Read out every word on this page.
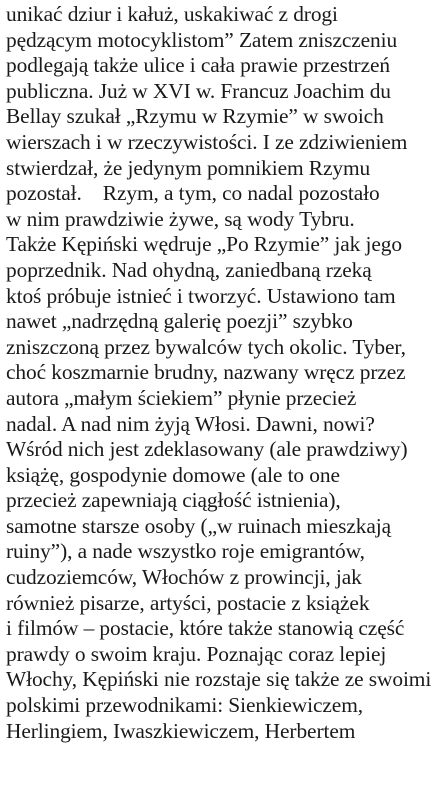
unikać dziur i kałuż, uskakiwać z drogi
pędzącym motocyklistom” Zatem zniszczeniu
podlegają także ulice i cała prawie przestrzeń
publiczna. Już w XVI w. Francuz Joachim du
Bellay szukał „Rzymu w Rzymie” w swoich
wierszach i w rzeczywistości. I ze zdziwieniem
stwierdzał, że jedynym pomnikiem Rzymu
pozostał.    Rzym, a tym, co nadal pozostało
w nim prawdziwie żywe, są wody Tybru.
Także Kępiński wędruje „Po Rzymie” jak jego
poprzednik. Nad ohydną, zaniedbaną rzeką
ktoś próbuje istnieć i tworzyć. Ustawiono tam
nawet „nadrzędną galerię poezji” szybko
zniszczoną przez bywalców tych okolic. Tyber,
choć koszmarnie brudny, nazwany wręcz przez
autora „małym ściekiem” płynie przecież
nadal. A nad nim żyją Włosi. Dawni, nowi?
Wśród nich jest zdeklasowany (ale prawdziwy)
książę, gospodynie domowe (ale to one
przecież zapewniają ciągłość istnienia),
samotne starsze osoby („w ruinach mieszkają
ruiny”), a nade wszystko roje emigrantów,
cudzoziemców, Włochów z prowincji, jak
również pisarze, artyści, postacie z książek
i filmów – postacie, które także stanowią część
prawdy o swoim kraju. Poznając coraz lepiej
Włochy, Kępiński nie rozstaje się także ze swoimi
polskimi przewodnikami: Sienkiewiczem,
Herlingiem, Iwaszkiewiczem, Herbertem
